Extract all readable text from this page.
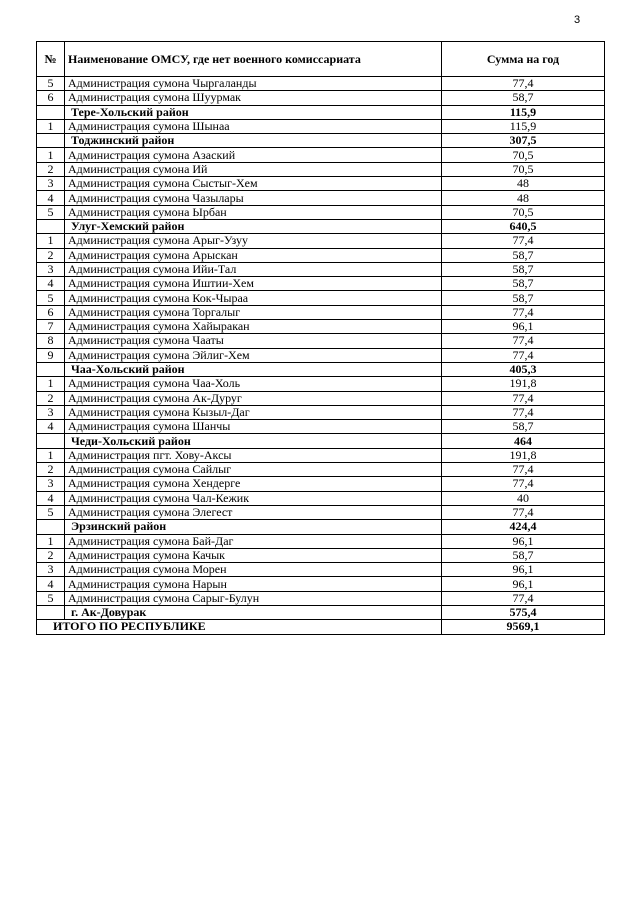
3
№	Наименование ОМСУ, где нет военного комиссариата	Сумма на год
5	Администрация сумона Чыргаланды	77,4
6	Администрация сумона Шуурмак	58,7
	Тере-Хольский район	115,9
1	Администрация сумона Шынаа	115,9
	Тоджинский район	307,5
1	Администрация сумона Азаский	70,5
2	Администрация сумона Ий	70,5
3	Администрация сумона Сыстыг-Хем	48
4	Администрация сумона Чазылары	48
5	Администрация сумона Ырбан	70,5
	Улуг-Хемский район	640,5
1	Администрация сумона Арыг-Узуу	77,4
2	Администрация сумона Арыскан	58,7
3	Администрация сумона Ийи-Тал	58,7
4	Администрация сумона Иштии-Хем	58,7
5	Администрация сумона Кок-Чыраа	58,7
6	Администрация сумона Торгалыг	77,4
7	Администрация сумона Хайыракан	96,1
8	Администрация сумона Чааты	77,4
9	Администрация сумона Эйлиг-Хем	77,4
	Чаа-Хольский район	405,3
1	Администрация сумона Чаа-Холь	191,8
2	Администрация сумона Ак-Дуруг	77,4
3	Администрация сумона Кызыл-Даг	77,4
4	Администрация сумона Шанчы	58,7
	Чеди-Хольский район	464
1	Администрация пгт. Хову-Аксы	191,8
2	Администрация сумона Сайлыг	77,4
3	Администрация сумона Хендерге	77,4
4	Администрация сумона Чал-Кежик	40
5	Администрация сумона Элегест	77,4
	Эрзинский район	424,4
1	Администрация сумона Бай-Даг	96,1
2	Администрация сумона Качык	58,7
3	Администрация сумона Морен	96,1
4	Администрация сумона Нарын	96,1
5	Администрация сумона Сарыг-Булун	77,4
	г. Ак-Довурак	575,4
ИТОГО ПО РЕСПУБЛИКЕ		9569,1
